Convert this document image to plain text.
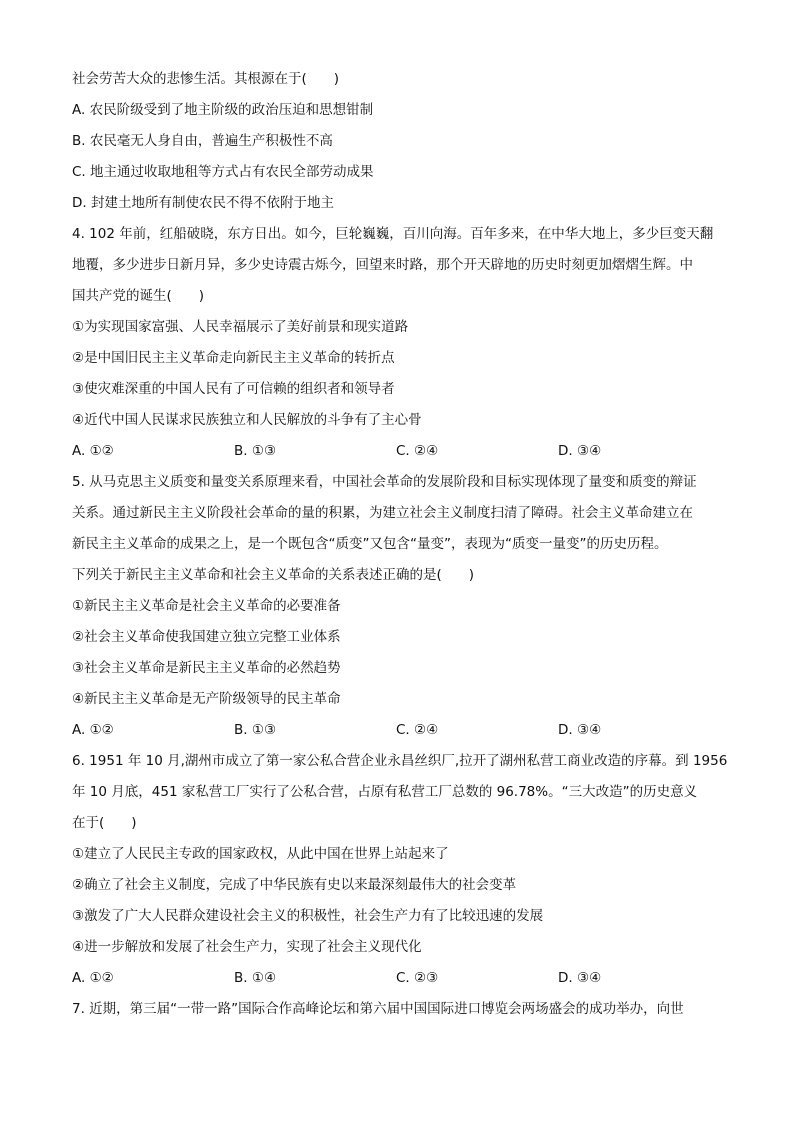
社会劳苦大众的悲惨生活。其根源在于(　　)
A. 农民阶级受到了地主阶级的政治压迫和思想钳制
B. 农民毫无人身自由，普遍生产积极性不高
C. 地主通过收取地租等方式占有农民全部劳动成果
D. 封建土地所有制使农民不得不依附于地主
4. 102 年前，红船破晓，东方日出。如今，巨轮巍巍，百川向海。百年多来，在中华大地上，多少巨变天翻
地覆，多少进步日新月异，多少史诗震古烁今，回望来时路，那个开天辟地的历史时刻更加熠熠生辉。中
国共产党的诞生(　　)
①为实现国家富强、人民幸福展示了美好前景和现实道路
②是中国旧民主主义革命走向新民主主义革命的转折点
③使灾难深重的中国人民有了可信赖的组织者和领导者
④近代中国人民谋求民族独立和人民解放的斗争有了主心骨
A. ①②	B. ①③	C. ②④	D. ③④
5. 从马克思主义质变和量变关系原理来看，中国社会革命的发展阶段和目标实现体现了量变和质变的辩证
关系。通过新民主主义阶段社会革命的量的积累，为建立社会主义制度扫清了障碍。社会主义革命建立在
新民主主义革命的成果之上，是一个既包含“质变”又包含“量变”，表现为“质变一量变”的历史历程。
下列关于新民主主义革命和社会主义革命的关系表述正确的是(　　)
①新民主主义革命是社会主义革命的必要准备
②社会主义革命使我国建立独立完整工业体系
③社会主义革命是新民主主义革命的必然趋势
④新民主主义革命是无产阶级领导的民主革命
A. ①②	B. ①③	C. ②④	D. ③④
6. 1951 年 10 月,湖州市成立了第一家公私合营企业永昌丝织厂,拉开了湖州私营工商业改造的序幕。到 1956
年 10 月底，451 家私营工厂实行了公私合营，占原有私营工厂总数的 96.78%。“三大改造”的历史意义
在于(　　)
①建立了人民民主专政的国家政权，从此中国在世界上站起来了
②确立了社会主义制度，完成了中华民族有史以来最深刻最伟大的社会变革
③激发了广大人民群众建设社会主义的积极性，社会生产力有了比较迅速的发展
④进一步解放和发展了社会生产力，实现了社会主义现代化
A. ①②	B. ①④	C. ②③	D. ③④
7. 近期，第三届“一带一路”国际合作高峰论坛和第六届中国国际进口博览会两场盛会的成功举办，向世
